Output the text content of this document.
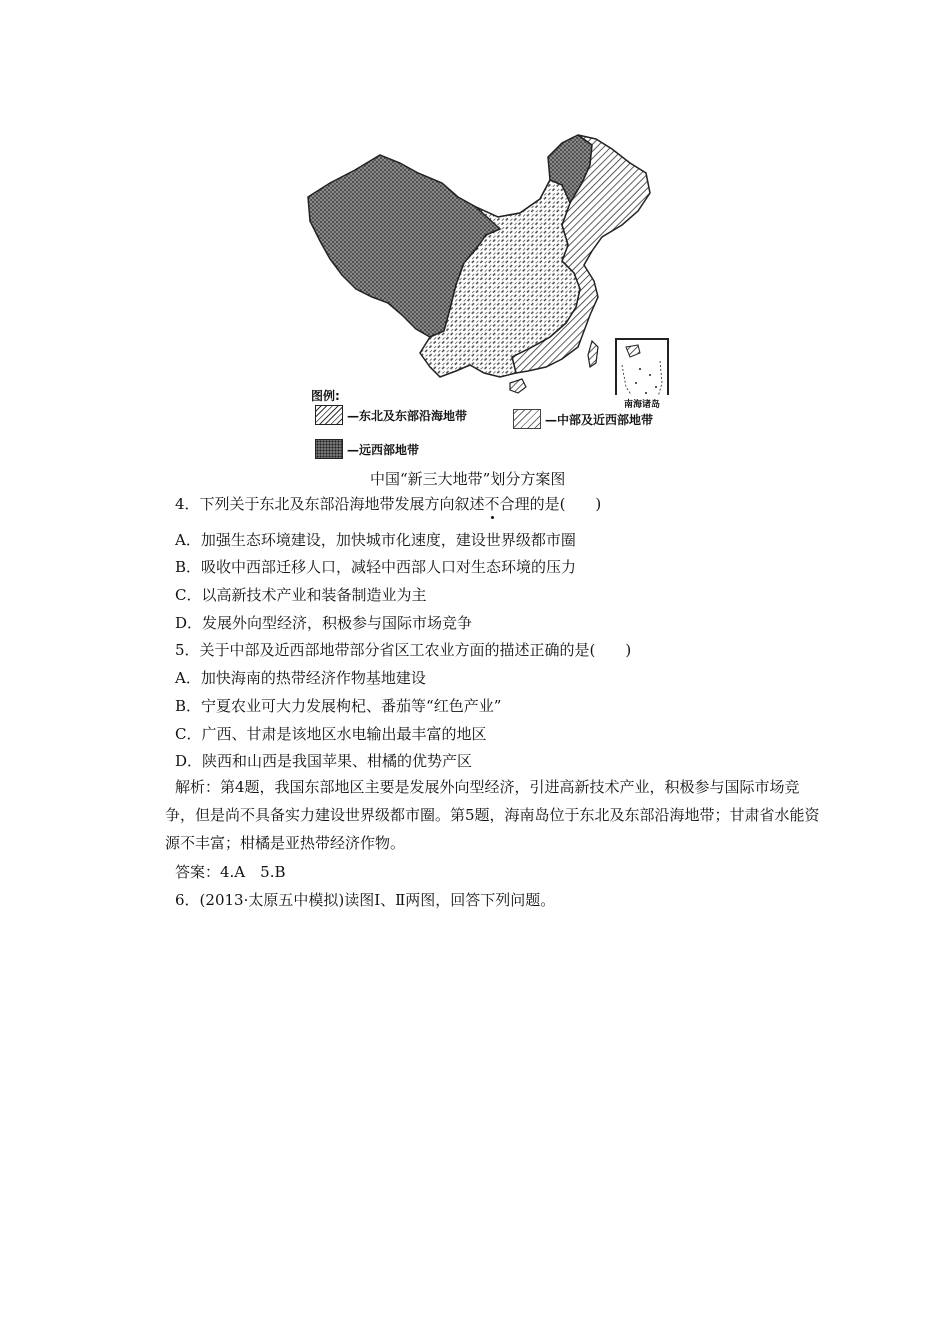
南海诸岛
图例:
—东北及东部沿海地带	—中部及近西部地带
—远西部地带
中国“新三大地带”划分方案图
4．下列关于东北及东部沿海地带发展方向叙述不合理的是(　　)
A．加强生态环境建设，加快城市化速度，建设世界级都市圈
B．吸收中西部迁移人口，减轻中西部人口对生态环境的压力
C．以高新技术产业和装备制造业为主
D．发展外向型经济，积极参与国际市场竞争
5．关于中部及近西部地带部分省区工农业方面的描述正确的是(　　)
A．加快海南的热带经济作物基地建设
B．宁夏农业可大力发展枸杞、番茄等“红色产业”
C．广西、甘肃是该地区水电输出最丰富的地区
D．陕西和山西是我国苹果、柑橘的优势产区
解析：第4题，我国东部地区主要是发展外向型经济，引进高新技术产业，积极参与国际市场竞争，但是尚不具备实力建设世界级都市圈。第5题，海南岛位于东北及东部沿海地带；甘肃省水能资源不丰富；柑橘是亚热带经济作物。
答案：4.A　5.B
6．(2013·太原五中模拟)读图Ⅰ、Ⅱ两图，回答下列问题。
